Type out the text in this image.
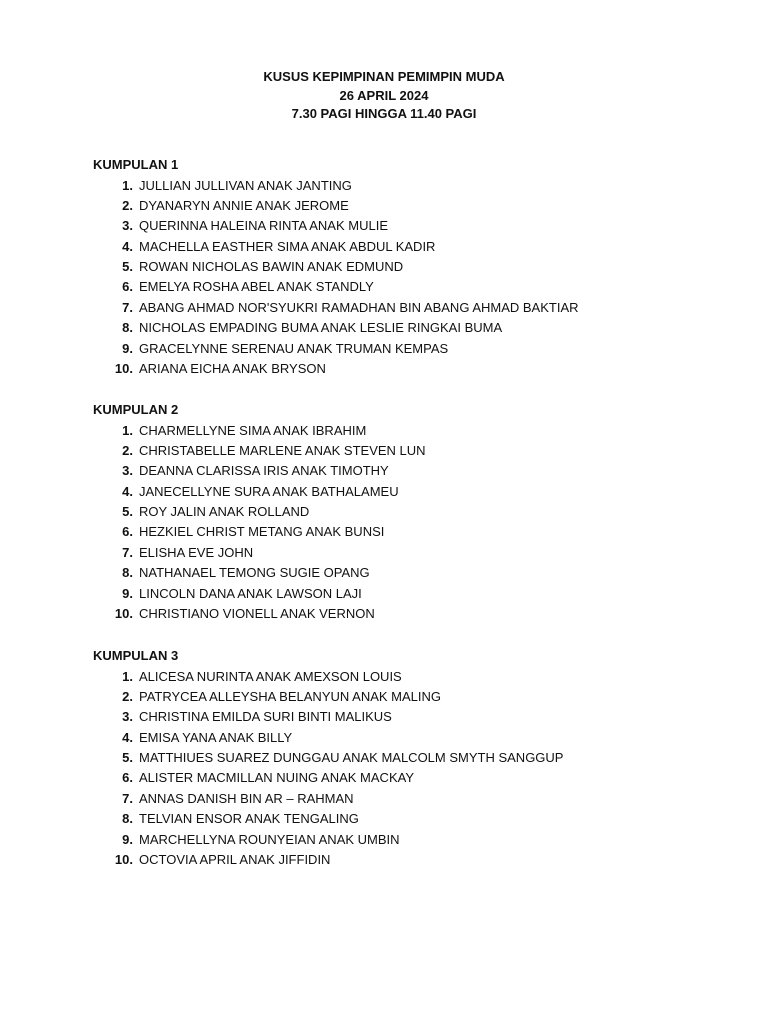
KUSUS KEPIMPINAN PEMIMPIN MUDA
26 APRIL 2024
7.30 PAGI HINGGA 11.40 PAGI
KUMPULAN 1
1. JULLIAN JULLIVAN ANAK JANTING
2. DYANARYN ANNIE ANAK JEROME
3. QUERINNA HALEINA RINTA ANAK MULIE
4. MACHELLA EASTHER SIMA ANAK ABDUL KADIR
5. ROWAN NICHOLAS BAWIN ANAK EDMUND
6. EMELYA ROSHA ABEL ANAK STANDLY
7. ABANG AHMAD NOR'SYUKRI RAMADHAN BIN ABANG AHMAD BAKTIAR
8. NICHOLAS EMPADING BUMA ANAK LESLIE RINGKAI BUMA
9. GRACELYNNE SERENAU ANAK TRUMAN KEMPAS
10. ARIANA EICHA ANAK BRYSON
KUMPULAN 2
1. CHARMELLYNE SIMA ANAK IBRAHIM
2. CHRISTABELLE MARLENE ANAK STEVEN LUN
3. DEANNA CLARISSA IRIS ANAK TIMOTHY
4. JANECELLYNE SURA ANAK BATHALAMEU
5. ROY JALIN ANAK ROLLAND
6. HEZKIEL CHRIST METANG ANAK BUNSI
7. ELISHA EVE JOHN
8. NATHANAEL TEMONG SUGIE OPANG
9. LINCOLN DANA ANAK LAWSON LAJI
10. CHRISTIANO VIONELL ANAK VERNON
KUMPULAN 3
1. ALICESA NURINTA ANAK AMEXSON LOUIS
2. PATRYCEA ALLEYSHA BELANYUN ANAK MALING
3. CHRISTINA EMILDA SURI BINTI MALIKUS
4. EMISA YANA ANAK BILLY
5. MATTHIUES SUAREZ DUNGGAU ANAK MALCOLM SMYTH SANGGUP
6. ALISTER MACMILLAN NUING ANAK MACKAY
7. ANNAS DANISH BIN AR – RAHMAN
8. TELVIAN ENSOR ANAK TENGALING
9. MARCHELLYNA ROUNYEIAN ANAK UMBIN
10. OCTOVIA APRIL ANAK JIFFIDIN
